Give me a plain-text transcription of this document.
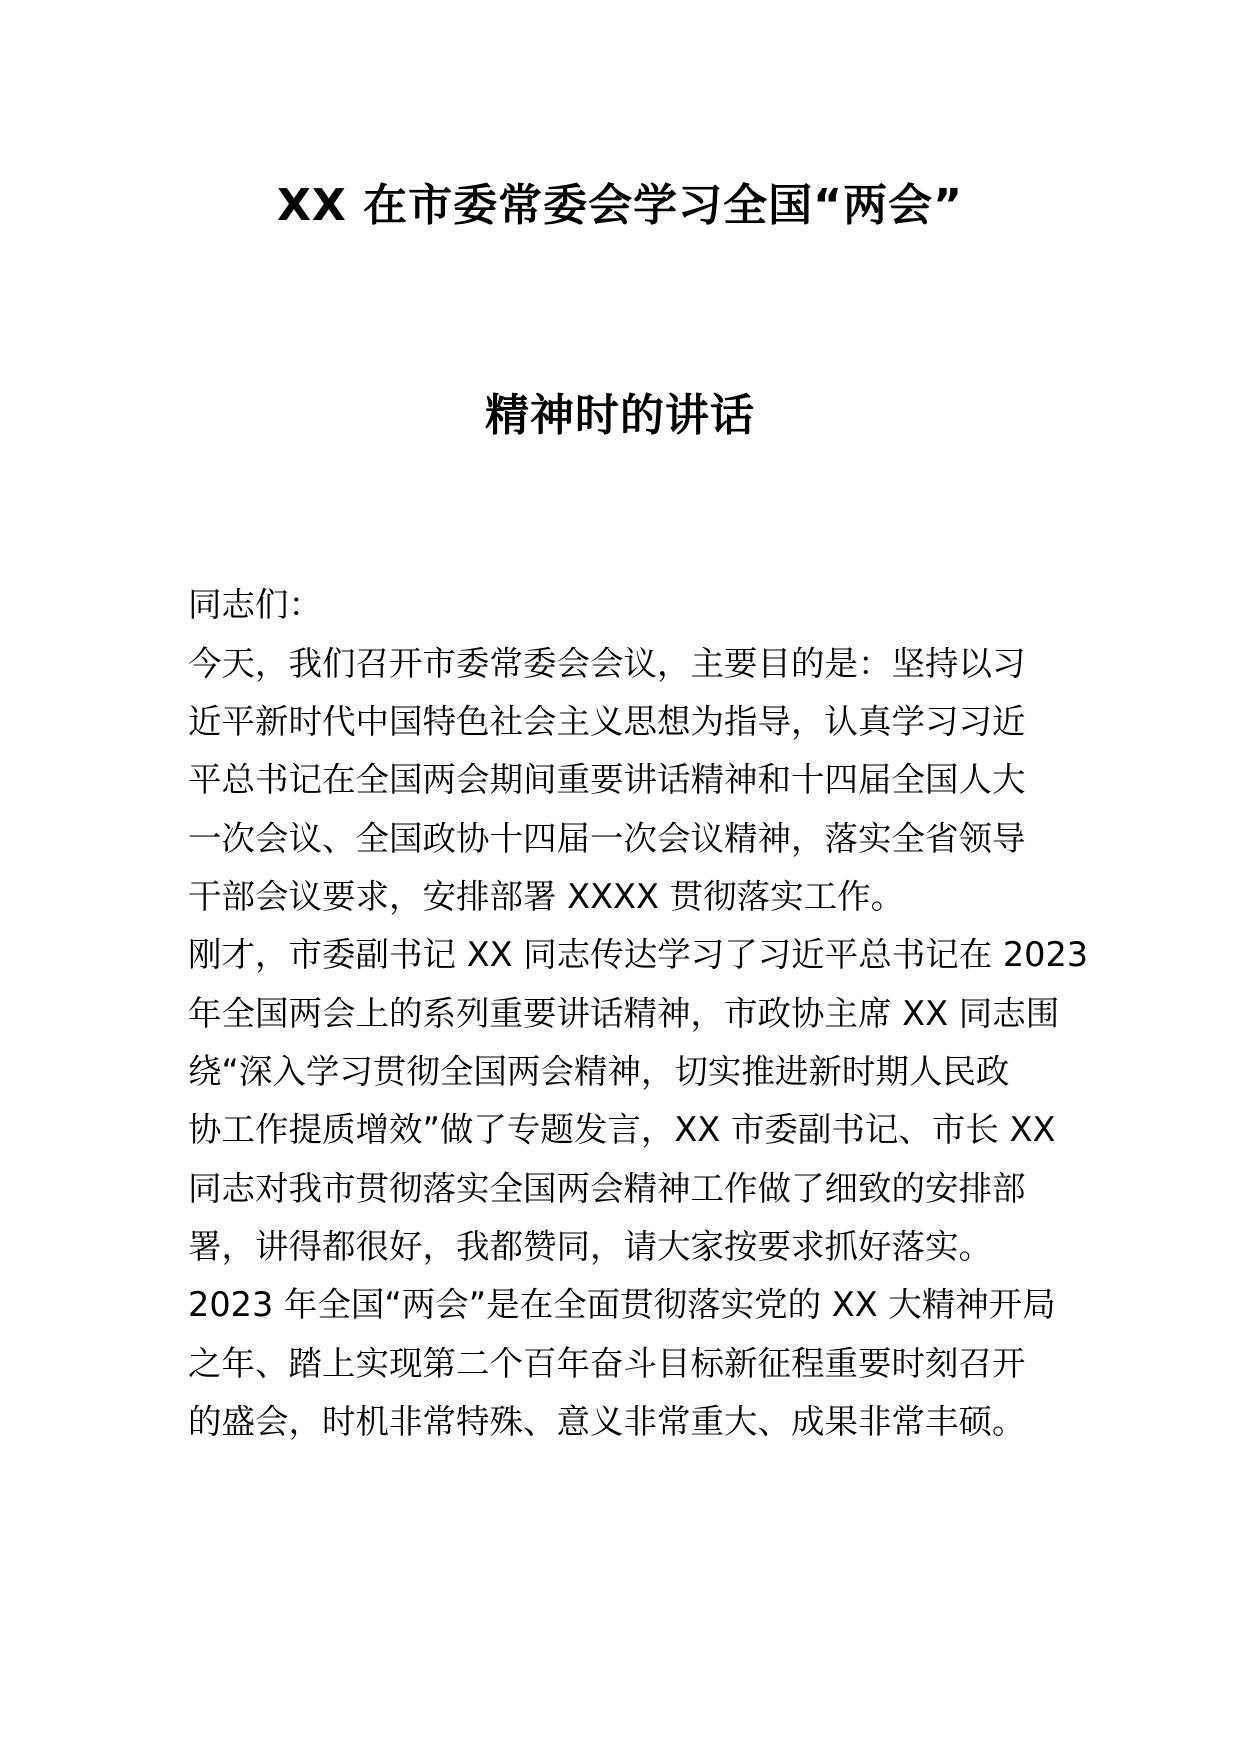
XX 在市委常委会学习全国“两会”
精神时的讲话
同志们：
今天，我们召开市委常委会会议，主要目的是：坚持以习
近平新时代中国特色社会主义思想为指导，认真学习习近
平总书记在全国两会期间重要讲话精神和十四届全国人大
一次会议、全国政协十四届一次会议精神，落实全省领导
干部会议要求，安排部署 XXXX 贯彻落实工作。
刚才，市委副书记 XX 同志传达学习了习近平总书记在 2023
年全国两会上的系列重要讲话精神，市政协主席 XX 同志围
绕“深入学习贯彻全国两会精神，切实推进新时期人民政
协工作提质增效”做了专题发言，XX 市委副书记、市长 XX
同志对我市贯彻落实全国两会精神工作做了细致的安排部
署，讲得都很好，我都赞同，请大家按要求抓好落实。
2023 年全国“两会”是在全面贯彻落实党的 XX 大精神开局
之年、踏上实现第二个百年奋斗目标新征程重要时刻召开
的盛会，时机非常特殊、意义非常重大、成果非常丰硕。
